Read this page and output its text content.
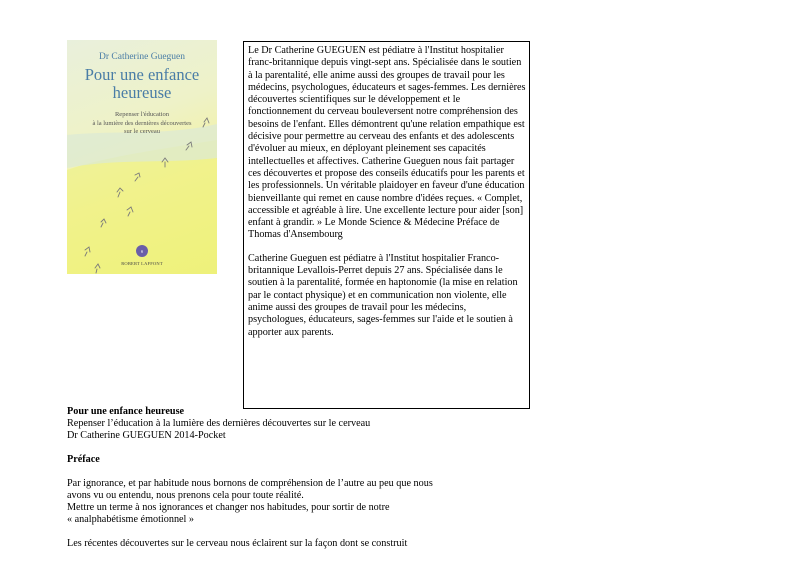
R
Dr Catherine Gueguen
Pour une enfance
heureuse
Repenser l'éducation
à la lumière des dernières découvertes
sur le cerveau
ROBERT LAFFONT

Le Dr Catherine GUEGUEN est pédiatre à l'Institut hospitalier franc-britannique depuis vingt-sept ans. Spécialisée dans le soutien à la parentalité, elle anime aussi des groupes de travail pour les médecins, psychologues, éducateurs et sages-femmes. Les dernières découvertes scientifiques sur le développement et le fonctionnement du cerveau bouleversent notre compréhension des besoins de l'enfant. Elles démontrent qu'une relation empathique est décisive pour permettre au cerveau des enfants et des adolescents d'évoluer au mieux, en déployant pleinement ses capacités intellectuelles et affectives. Catherine Gueguen nous fait partager ces découvertes et propose des conseils éducatifs pour les parents et les professionnels. Un véritable plaidoyer en faveur d'une éducation bienveillante qui remet en cause nombre d'idées reçues. « Complet, accessible et agréable à lire. Une excellente lecture pour aider [son] enfant à grandir. » Le Monde Science & Médecine Préface de Thomas d'Ansembourg

Catherine Gueguen est pédiatre à l'Institut hospitalier Franco-britannique Levallois-Perret depuis 27 ans. Spécialisée dans le soutien à la parentalité, formée en haptonomie (la mise en relation par le contact physique) et en communication non violente, elle anime aussi des groupes de travail pour les médecins, psychologues, éducateurs, sages-femmes sur l'aide et le soutien à apporter aux parents.

Pour une enfance heureuse
Repenser l’éducation à la lumière des dernières découvertes sur le cerveau
Dr Catherine GUEGUEN 2014-Pocket
Préface
Par ignorance, et par habitude nous bornons de compréhension de l’autre au peu que nous
avons vu ou entendu, nous prenons cela pour toute réalité.
Mettre un terme à nos ignorances et changer nos habitudes, pour sortir de notre
« analphabétisme émotionnel »
Les récentes découvertes sur le cerveau nous éclairent sur la façon dont se construit
